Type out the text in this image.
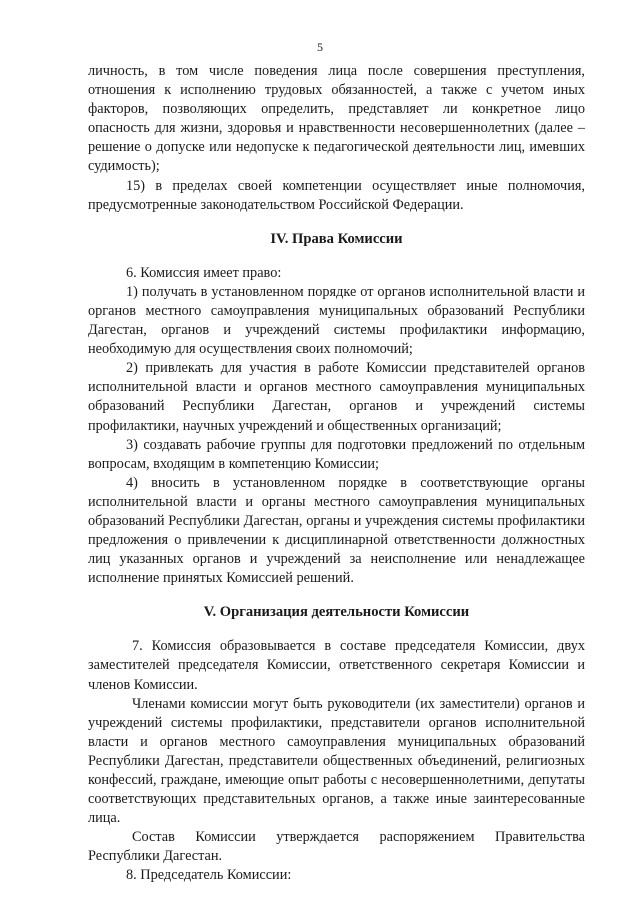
5

личность, в том числе поведения лица после совершения преступления, отношения к исполнению трудовых обязанностей, а также с учетом иных факторов, позволяющих определить, представляет ли конкретное лицо опасность для жизни, здоровья и нравственности несовершеннолетних (далее – решение о допуске или недопуске к педагогической деятельности лиц, имевших судимость);

15) в пределах своей компетенции осуществляет иные полномочия, предусмотренные законодательством Российской Федерации.

IV. Права Комиссии

6. Комиссия имеет право:

1) получать в установленном порядке от органов исполнительной власти и органов местного самоуправления муниципальных образований Республики Дагестан, органов и учреждений системы профилактики информацию, необходимую для осуществления своих полномочий;

2) привлекать для участия в работе Комиссии представителей органов исполнительной власти и органов местного самоуправления муниципальных образований Республики Дагестан, органов и учреждений системы профилактики, научных учреждений и общественных организаций;

3) создавать рабочие группы для подготовки предложений по отдельным вопросам, входящим в компетенцию Комиссии;

4) вносить в установленном порядке в соответствующие органы исполнительной власти и органы местного самоуправления муниципальных образований Республики Дагестан, органы и учреждения системы профилактики предложения о привлечении к дисциплинарной ответственности должностных лиц указанных органов и учреждений за неисполнение или ненадлежащее исполнение принятых Комиссией решений.

V. Организация деятельности Комиссии

7. Комиссия образовывается в составе председателя Комиссии, двух заместителей председателя Комиссии, ответственного секретаря Комиссии и членов Комиссии.

Членами комиссии могут быть руководители (их заместители) органов и учреждений системы профилактики, представители органов исполнительной власти и органов местного самоуправления муниципальных образований Республики Дагестан, представители общественных объединений, религиозных конфессий, граждане, имеющие опыт работы с несовершеннолетними, депутаты соответствующих представительных органов, а также иные заинтересованные лица.

Состав Комиссии утверждается распоряжением Правительства Республики Дагестан.

8. Председатель Комиссии:
